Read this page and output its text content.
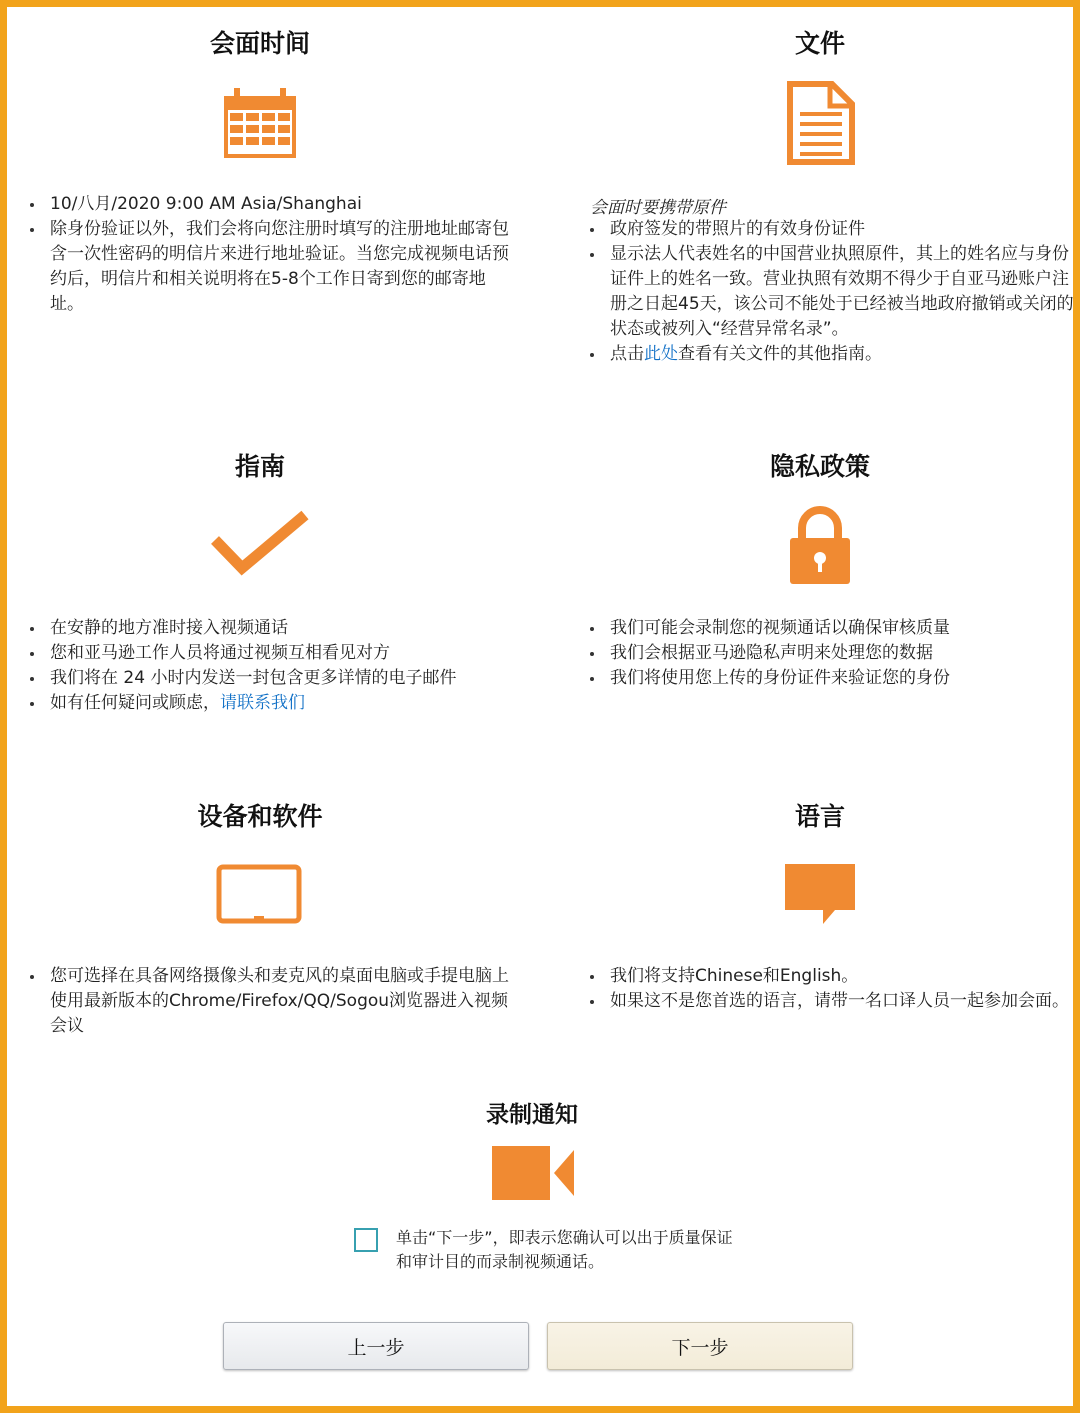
会面时间
10/八月/2020 9:00 AM Asia/Shanghai
除身份验证以外，我们会将向您注册时填写的注册地址邮寄包含一次性密码的明信片来进行地址验证。当您完成视频电话预约后，明信片和相关说明将在5-8个工作日寄到您的邮寄地址。
文件
会面时要携带原件
政府签发的带照片的有效身份证件
显示法人代表姓名的中国营业执照原件，其上的姓名应与身份证件上的姓名一致。营业执照有效期不得少于自亚马逊账户注册之日起45天，该公司不能处于已经被当地政府撤销或关闭的状态或被列入“经营异常名录”。
点击此处查看有关文件的其他指南。
指南
在安静的地方准时接入视频通话
您和亚马逊工作人员将通过视频互相看见对方
我们将在 24 小时内发送一封包含更多详情的电子邮件
如有任何疑问或顾虑，请联系我们
隐私政策
我们可能会录制您的视频通话以确保审核质量
我们会根据亚马逊隐私声明来处理您的数据
我们将使用您上传的身份证件来验证您的身份
设备和软件
您可选择在具备网络摄像头和麦克风的桌面电脑或手提电脑上使用最新版本的Chrome/Firefox/QQ/Sogou浏览器进入视频会议
语言
我们将支持Chinese和English。
如果这不是您首选的语言，请带一名口译人员一起参加会面。
录制通知
单击“下一步”，即表示您确认可以出于质量保证和审计目的而录制视频通话。
上一步	下一步
